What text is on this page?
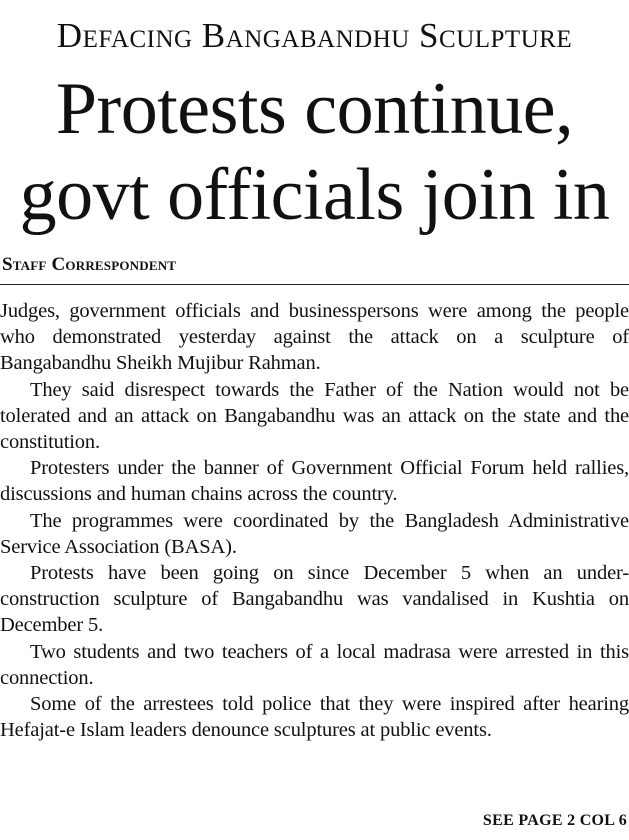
Defacing Bangabandhu Sculpture
Protests continue,
govt officials join in
Staff Correspondent

Judges, government officials and businesspersons were among the people who demonstrated yesterday against the attack on a sculpture of Bangabandhu Sheikh Mujibur Rahman.

They said disrespect towards the Father of the Nation would not be tolerated and an attack on Bangabandhu was an attack on the state and the constitution.

Protesters under the banner of Government Official Forum held rallies, discussions and human chains across the country.

The programmes were coordinated by the Bangladesh Administrative Service Association (BASA).

Protests have been going on since December 5 when an under-construction sculpture of Bangabandhu was vandalised in Kushtia on December 5.

Two students and two teachers of a local madrasa were arrested in this connection.

Some of the arrestees told police that they were inspired after hearing Hefajat-e Islam leaders denounce sculptures at public events.

SEE PAGE 2 COL 6
